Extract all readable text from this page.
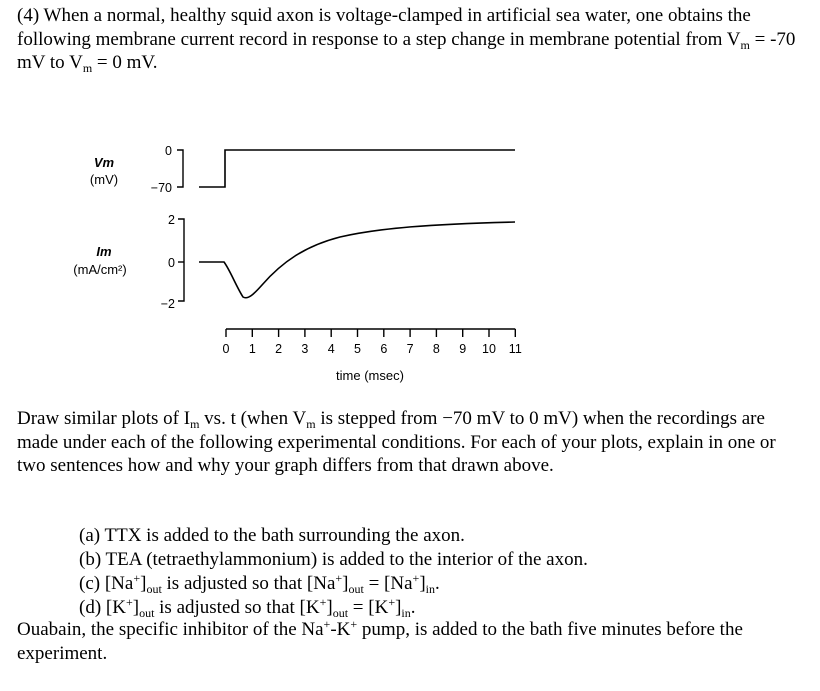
(4) When a normal, healthy squid axon is voltage-clamped in artificial sea water, one obtains the following membrane current record in response to a step change in membrane potential from $V_m = -70$ mV to $V_m = 0$ mV.

Vm
(mV)
0
−70
Im
(mA/cm²)
2
0
−2
0 1 2 3 4 5 6 7 8 9 10 11
time (msec)

Draw similar plots of $I_m$ vs. t (when $V_m$ is stepped from −70 mV to 0 mV) when the recordings are made under each of the following experimental conditions. For each of your plots, explain in one or two sentences how and why your graph differs from that drawn above.

(a) TTX is added to the bath surrounding the axon.

(b) TEA (tetraethylammonium) is added to the interior of the axon.

(c) $[Na^+]_{out}$ is adjusted so that $[Na^+]_{out} = [Na^+]_{in}$.

(d) $[K^+]_{out}$ is adjusted so that $[K^+]_{out} = [K^+]_{in}$.

Ouabain, the specific inhibitor of the Na+-K+ pump, is added to the bath five minutes before the experiment.
